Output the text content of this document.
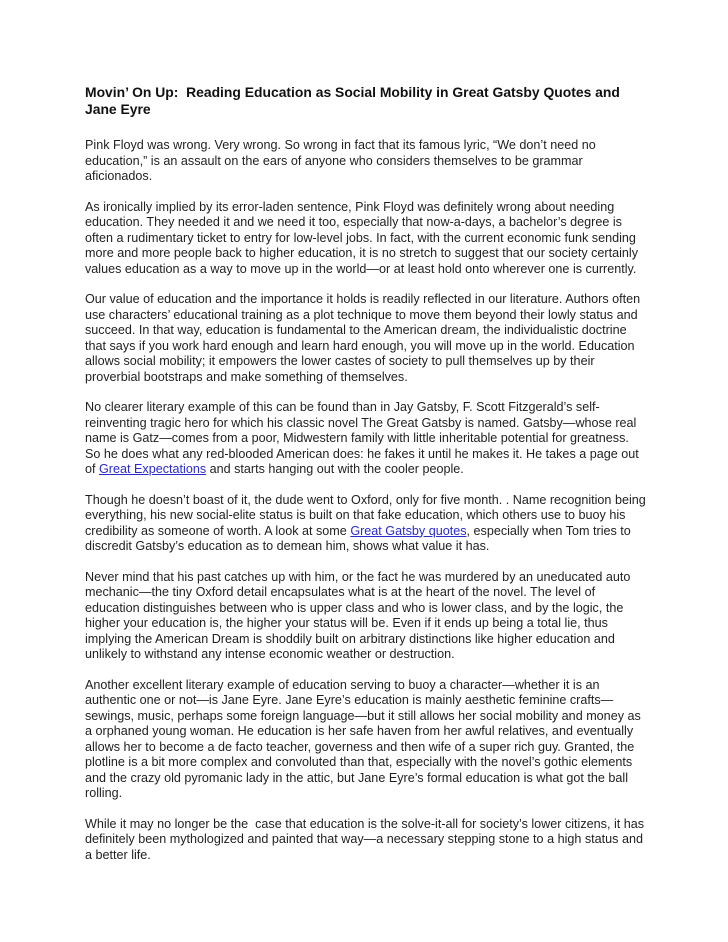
Movin’ On Up:  Reading Education as Social Mobility in Great Gatsby Quotes and Jane Eyre

Pink Floyd was wrong. Very wrong. So wrong in fact that its famous lyric, “We don’t need no education,” is an assault on the ears of anyone who considers themselves to be grammar aficionados.

As ironically implied by its error-laden sentence, Pink Floyd was definitely wrong about needing education. They needed it and we need it too, especially that now-a-days, a bachelor’s degree is often a rudimentary ticket to entry for low-level jobs. In fact, with the current economic funk sending more and more people back to higher education, it is no stretch to suggest that our society certainly values education as a way to move up in the world—or at least hold onto wherever one is currently.

Our value of education and the importance it holds is readily reflected in our literature. Authors often use characters’ educational training as a plot technique to move them beyond their lowly status and succeed. In that way, education is fundamental to the American dream, the individualistic doctrine that says if you work hard enough and learn hard enough, you will move up in the world. Education allows social mobility; it empowers the lower castes of society to pull themselves up by their proverbial bootstraps and make something of themselves.

No clearer literary example of this can be found than in Jay Gatsby, F. Scott Fitzgerald’s self-reinventing tragic hero for which his classic novel The Great Gatsby is named. Gatsby—whose real name is Gatz—comes from a poor, Midwestern family with little inheritable potential for greatness. So he does what any red-blooded American does: he fakes it until he makes it. He takes a page out of Great Expectations and starts hanging out with the cooler people.

Though he doesn’t boast of it, the dude went to Oxford, only for five month. . Name recognition being everything, his new social-elite status is built on that fake education, which others use to buoy his credibility as someone of worth. A look at some Great Gatsby quotes, especially when Tom tries to discredit Gatsby’s education as to demean him, shows what value it has.

Never mind that his past catches up with him, or the fact he was murdered by an uneducated auto mechanic—the tiny Oxford detail encapsulates what is at the heart of the novel. The level of education distinguishes between who is upper class and who is lower class, and by the logic, the higher your education is, the higher your status will be. Even if it ends up being a total lie, thus implying the American Dream is shoddily built on arbitrary distinctions like higher education and unlikely to withstand any intense economic weather or destruction.

Another excellent literary example of education serving to buoy a character—whether it is an authentic one or not—is Jane Eyre. Jane Eyre’s education is mainly aesthetic feminine crafts—sewings, music, perhaps some foreign language—but it still allows her social mobility and money as a orphaned young woman. He education is her safe haven from her awful relatives, and eventually allows her to become a de facto teacher, governess and then wife of a super rich guy. Granted, the plotline is a bit more complex and convoluted than that, especially with the novel’s gothic elements and the crazy old pyromanic lady in the attic, but Jane Eyre’s formal education is what got the ball rolling.

While it may no longer be the  case that education is the solve-it-all for society’s lower citizens, it has definitely been mythologized and painted that way—a necessary stepping stone to a high status and a better life.
